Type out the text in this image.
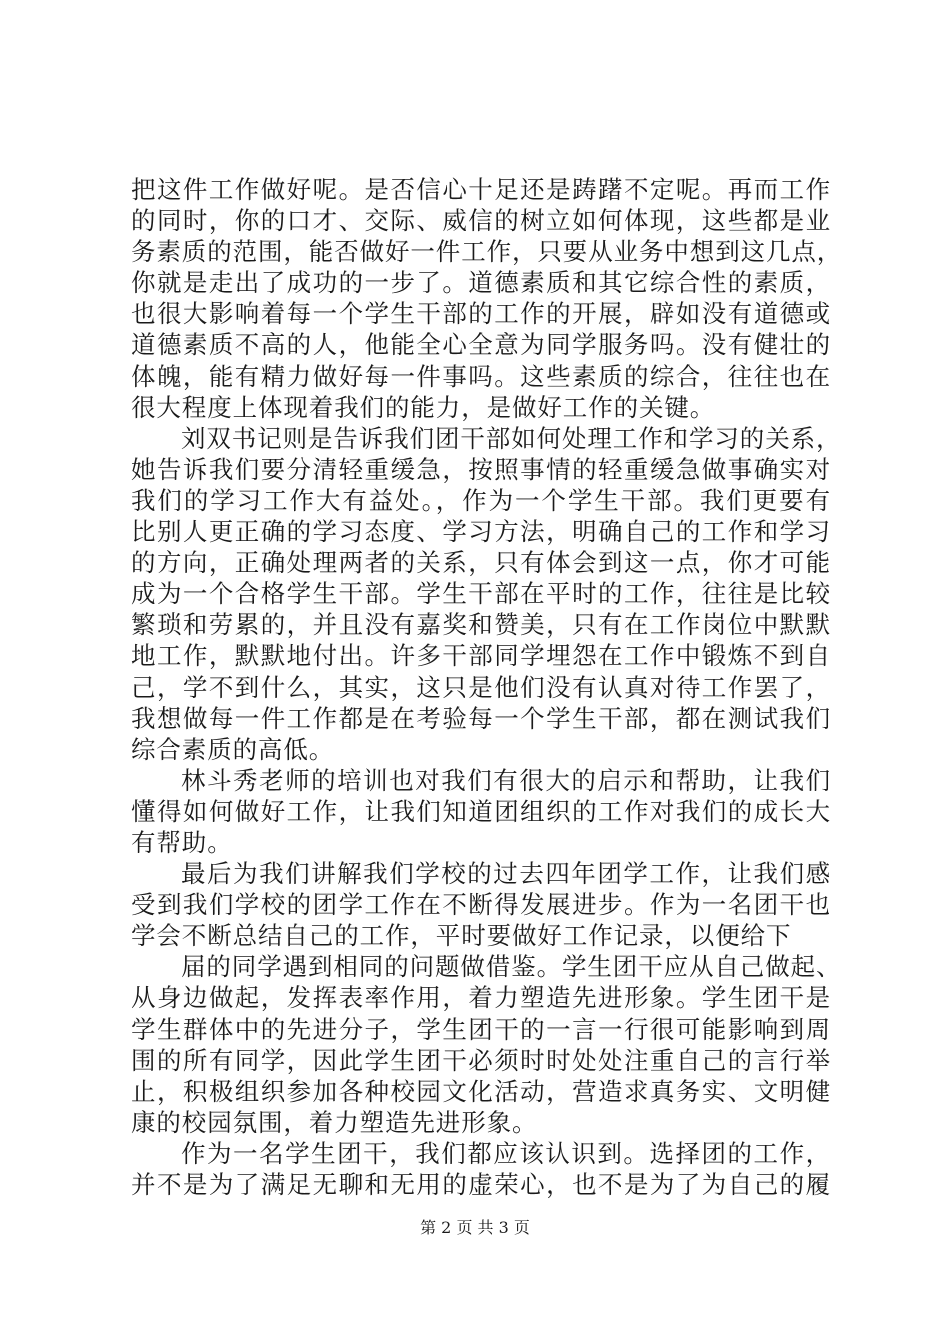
把这件工作做好呢。是否信心十足还是踌躇不定呢。再而工作
的同时，你的口才、交际、威信的树立如何体现，这些都是业
务素质的范围，能否做好一件工作，只要从业务中想到这几点，
你就是走出了成功的一步了。道德素质和其它综合性的素质，
也很大影响着每一个学生干部的工作的开展，辟如没有道德或
道德素质不高的人，他能全心全意为同学服务吗。没有健壮的
体魄，能有精力做好每一件事吗。这些素质的综合，往往也在
很大程度上体现着我们的能力，是做好工作的关键。
刘双书记则是告诉我们团干部如何处理工作和学习的关系，
她告诉我们要分清轻重缓急，按照事情的轻重缓急做事确实对
我们的学习工作大有益处。，作为一个学生干部。我们更要有
比别人更正确的学习态度、学习方法，明确自己的工作和学习
的方向，正确处理两者的关系，只有体会到这一点，你才可能
成为一个合格学生干部。学生干部在平时的工作，往往是比较
繁琐和劳累的，并且没有嘉奖和赞美，只有在工作岗位中默默
地工作，默默地付出。许多干部同学埋怨在工作中锻炼不到自
己，学不到什么，其实，这只是他们没有认真对待工作罢了，
我想做每一件工作都是在考验每一个学生干部，都在测试我们
综合素质的高低。
林斗秀老师的培训也对我们有很大的启示和帮助，让我们
懂得如何做好工作，让我们知道团组织的工作对我们的成长大
有帮助。
最后为我们讲解我们学校的过去四年团学工作，让我们感
受到我们学校的团学工作在不断得发展进步。作为一名团干也
学会不断总结自己的工作，平时要做好工作记录，以便给下
届的同学遇到相同的问题做借鉴。学生团干应从自己做起、
从身边做起，发挥表率作用，着力塑造先进形象。学生团干是
学生群体中的先进分子，学生团干的一言一行很可能影响到周
围的所有同学，因此学生团干必须时时处处注重自己的言行举
止，积极组织参加各种校园文化活动，营造求真务实、文明健
康的校园氛围，着力塑造先进形象。
作为一名学生团干，我们都应该认识到。选择团的工作，
并不是为了满足无聊和无用的虚荣心，也不是为了为自己的履
第 2 页 共 3 页
